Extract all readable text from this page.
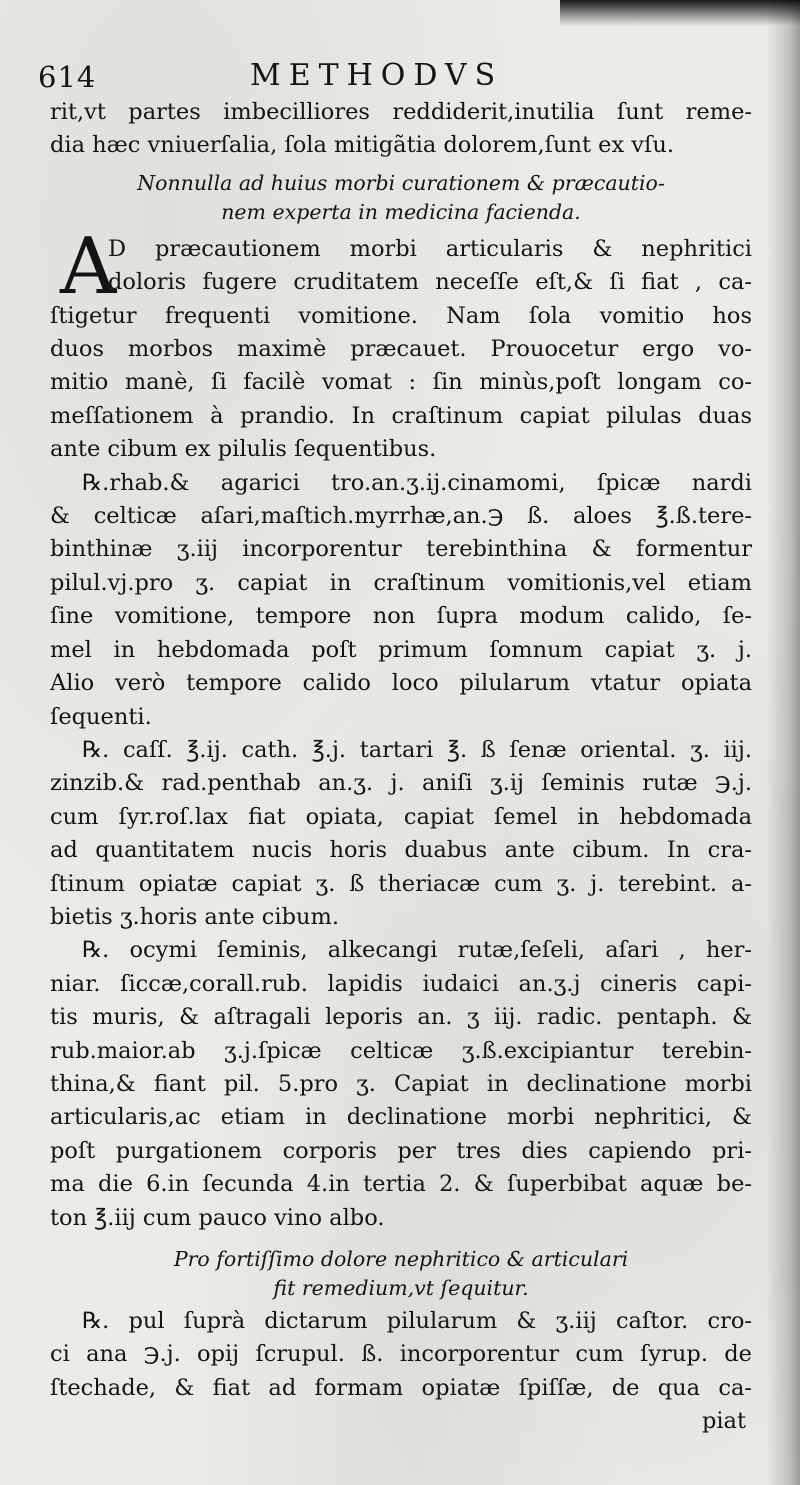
614	METHODVS
rit,vt partes imbecilliores reddiderit,inutilia ſunt reme-
dia hæc vniuerſalia, ſola mitigãtia dolorem,ſunt ex vſu.
Nonnulla ad huius morbi curationem & præcautio-
nem experta in medicina facienda.
A
D præcautionem morbi articularis & nephritici
doloris fugere cruditatem neceſſe eſt,& ſi fiat , ca-
ſtigetur frequenti vomitione. Nam ſola vomitio hos
duos morbos maximè præcauet. Prouocetur ergo vo-
mitio manè, ſi facilè vomat : ſin minùs,poſt longam co-
meſſationem à prandio. In craſtinum capiat pilulas duas
ante cibum ex pilulis ſequentibus.
℞.rhab.& agarici tro.an.ʒ.ij.cinamomi, ſpicæ nardi
& celticæ aſari,maſtich.myrrhæ,an.℈ ß. aloes ℥.ß.tere-
binthinæ ʒ.iij incorporentur terebinthina & formentur
pilul.vj.pro ʒ. capiat in craſtinum vomitionis,vel etiam
ſine vomitione, tempore non ſupra modum calido, ſe-
mel in hebdomada poſt primum ſomnum capiat ʒ. j.
Alio verò tempore calido loco pilularum vtatur opiata
ſequenti.
℞. caſſ. ℥.ij. cath. ℥.j. tartari ℥. ß ſenæ oriental. ʒ. iij.
zinzib.& rad.penthab an.ʒ. j. aniſi ʒ.ij ſeminis rutæ ℈.j.
cum ſyr.roſ.lax fiat opiata, capiat ſemel in hebdomada
ad quantitatem nucis horis duabus ante cibum. In cra-
ſtinum opiatæ capiat ʒ. ß theriacæ cum ʒ. j. terebint. a-
bietis ʒ.horis ante cibum.
℞. ocymi ſeminis, alkecangi rutæ,ſeſeli, aſari , her-
niar. ſiccæ,corall.rub. lapidis iudaici an.ʒ.j cineris capi-
tis muris, & aſtragali leporis an. ʒ iij. radic. pentaph. &
rub.maior.ab ʒ.j.ſpicæ celticæ ʒ.ß.excipiantur terebin-
thina,& fiant pil. 5.pro ʒ. Capiat in declinatione morbi
articularis,ac etiam in declinatione morbi nephritici, &
poſt purgationem corporis per tres dies capiendo pri-
ma die 6.in ſecunda 4.in tertia 2. & ſuperbibat aquæ be-
ton ℥.iij cum pauco vino albo.
Pro fortiſſimo dolore nephritico & articulari
fit remedium,vt ſequitur.
℞. pul ſuprà dictarum pilularum & ʒ.iij caſtor. cro-
ci ana ℈.j. opij ſcrupul. ß. incorporentur cum ſyrup. de
ſtechade, & fiat ad formam opiatæ ſpiſſæ, de qua ca-
piat
